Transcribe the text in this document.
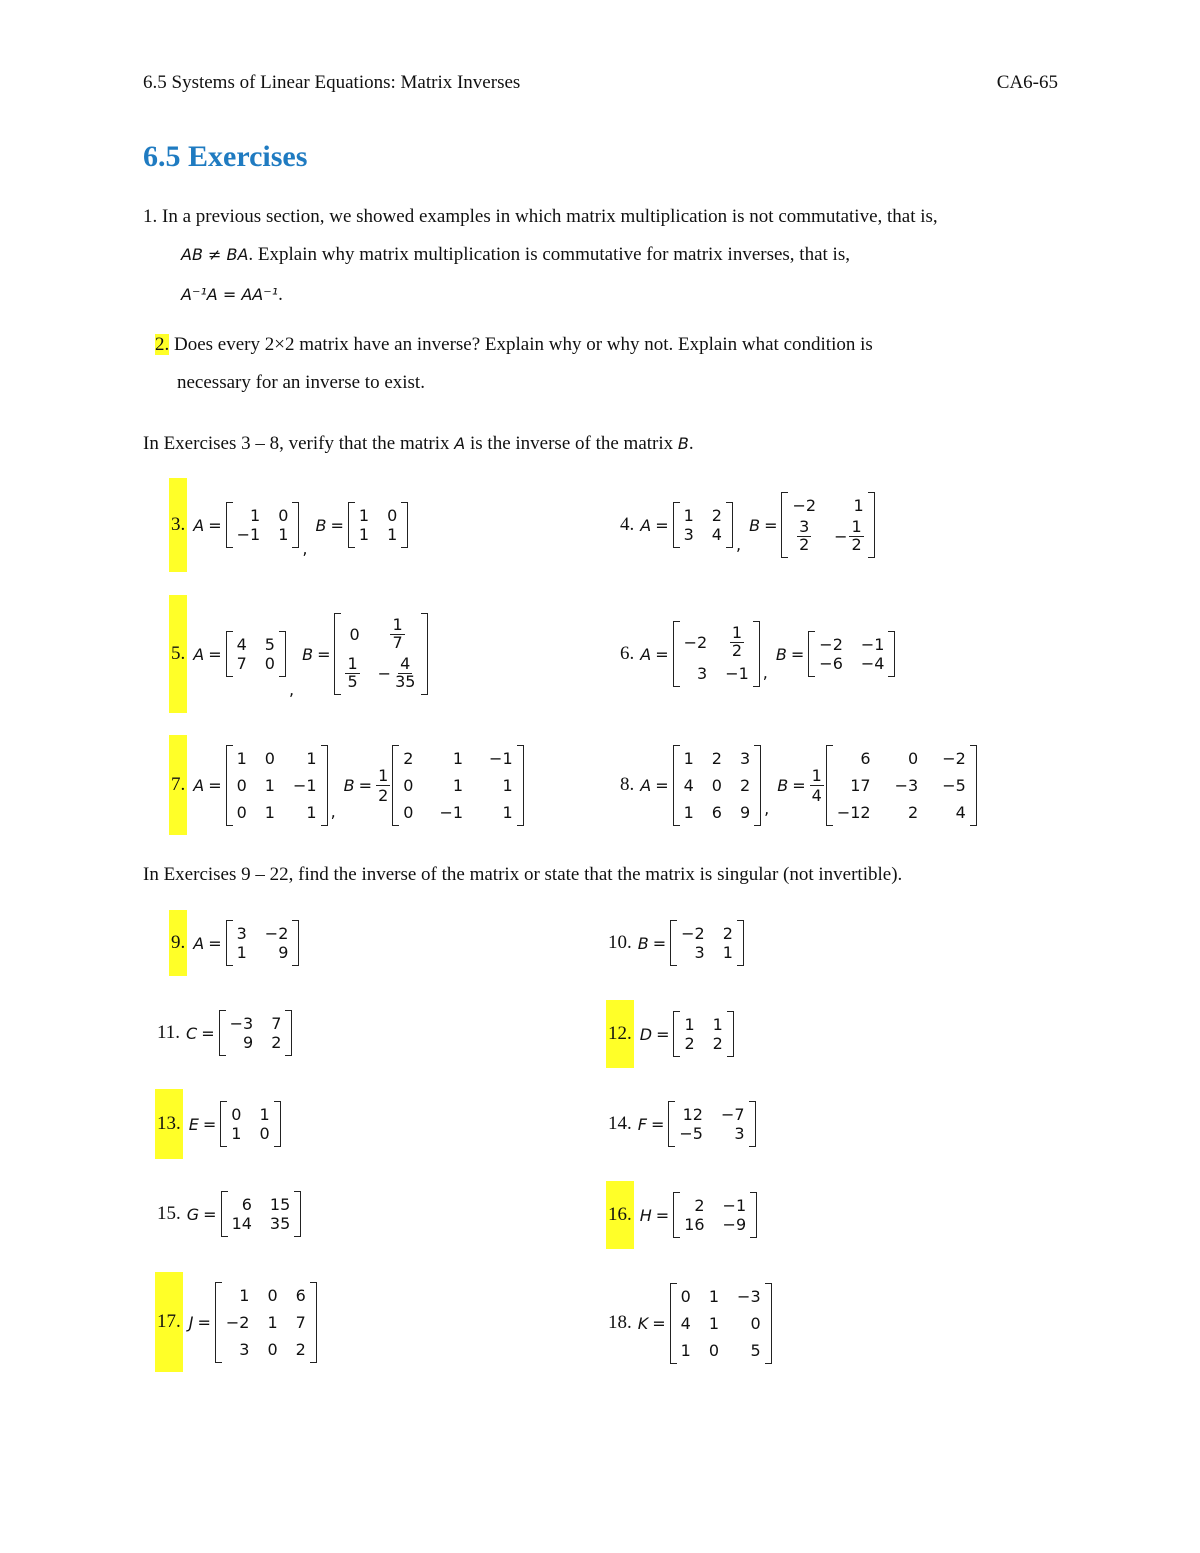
6.5 Systems of Linear Equations: Matrix Inverses	CA6-65
6.5 Exercises
1. In a previous section, we showed examples in which matrix multiplication is not commutative, that is,
AB ≠ BA. Explain why matrix multiplication is commutative for matrix inverses, that is,
A⁻¹A = AA⁻¹.
2. Does every 2×2 matrix have an inverse? Explain why or why not. Explain what condition is
necessary for an inverse to exist.
In Exercises 3 – 8, verify that the matrix A is the inverse of the matrix B.
3. A =	1 0
−1 1
,
B = 1 0
1 1	4. A = 1 2
3 4
,
B =
−2	1
$\frac{3}{2} - \frac{1}{2}$
5. A = 4 5
7 0
,
B =
$0 \frac{1}{7}$
$\frac{1}{5} - \frac{4}{35}$
6. A =
$-2 \frac{1}{2}$
3 −1 ,
B = −2 −1
−6 −4
7. A =
1 0	1
0 1 −1
0 1	1 ,
$B = \frac{1}{2}$
2	1 −1
0	1	1
0 −1	1
8. A =
1 2 3
4 0 2
1 6 9 ,
$B = \frac{1}{4}$
6	0 −2
17 −3 −5
−12	2	4
In Exercises 9 – 22, find the inverse of the matrix or state that the matrix is singular (not invertible).
9. A = 3 −2
1	9	10. B = −2 2
3 1
11. C = −3 7
9 2	12. D = 1 1
2 2
13. E = 0 1
1 0	14. F = 12 −7
−5	3
15. G =	6 15
14 35	16. H =	2 −1
16 −9
17. J =
1 0 6
−2 1 7
3 0 2
18. K =
0 1 −3
4 1	0
1 0	5
